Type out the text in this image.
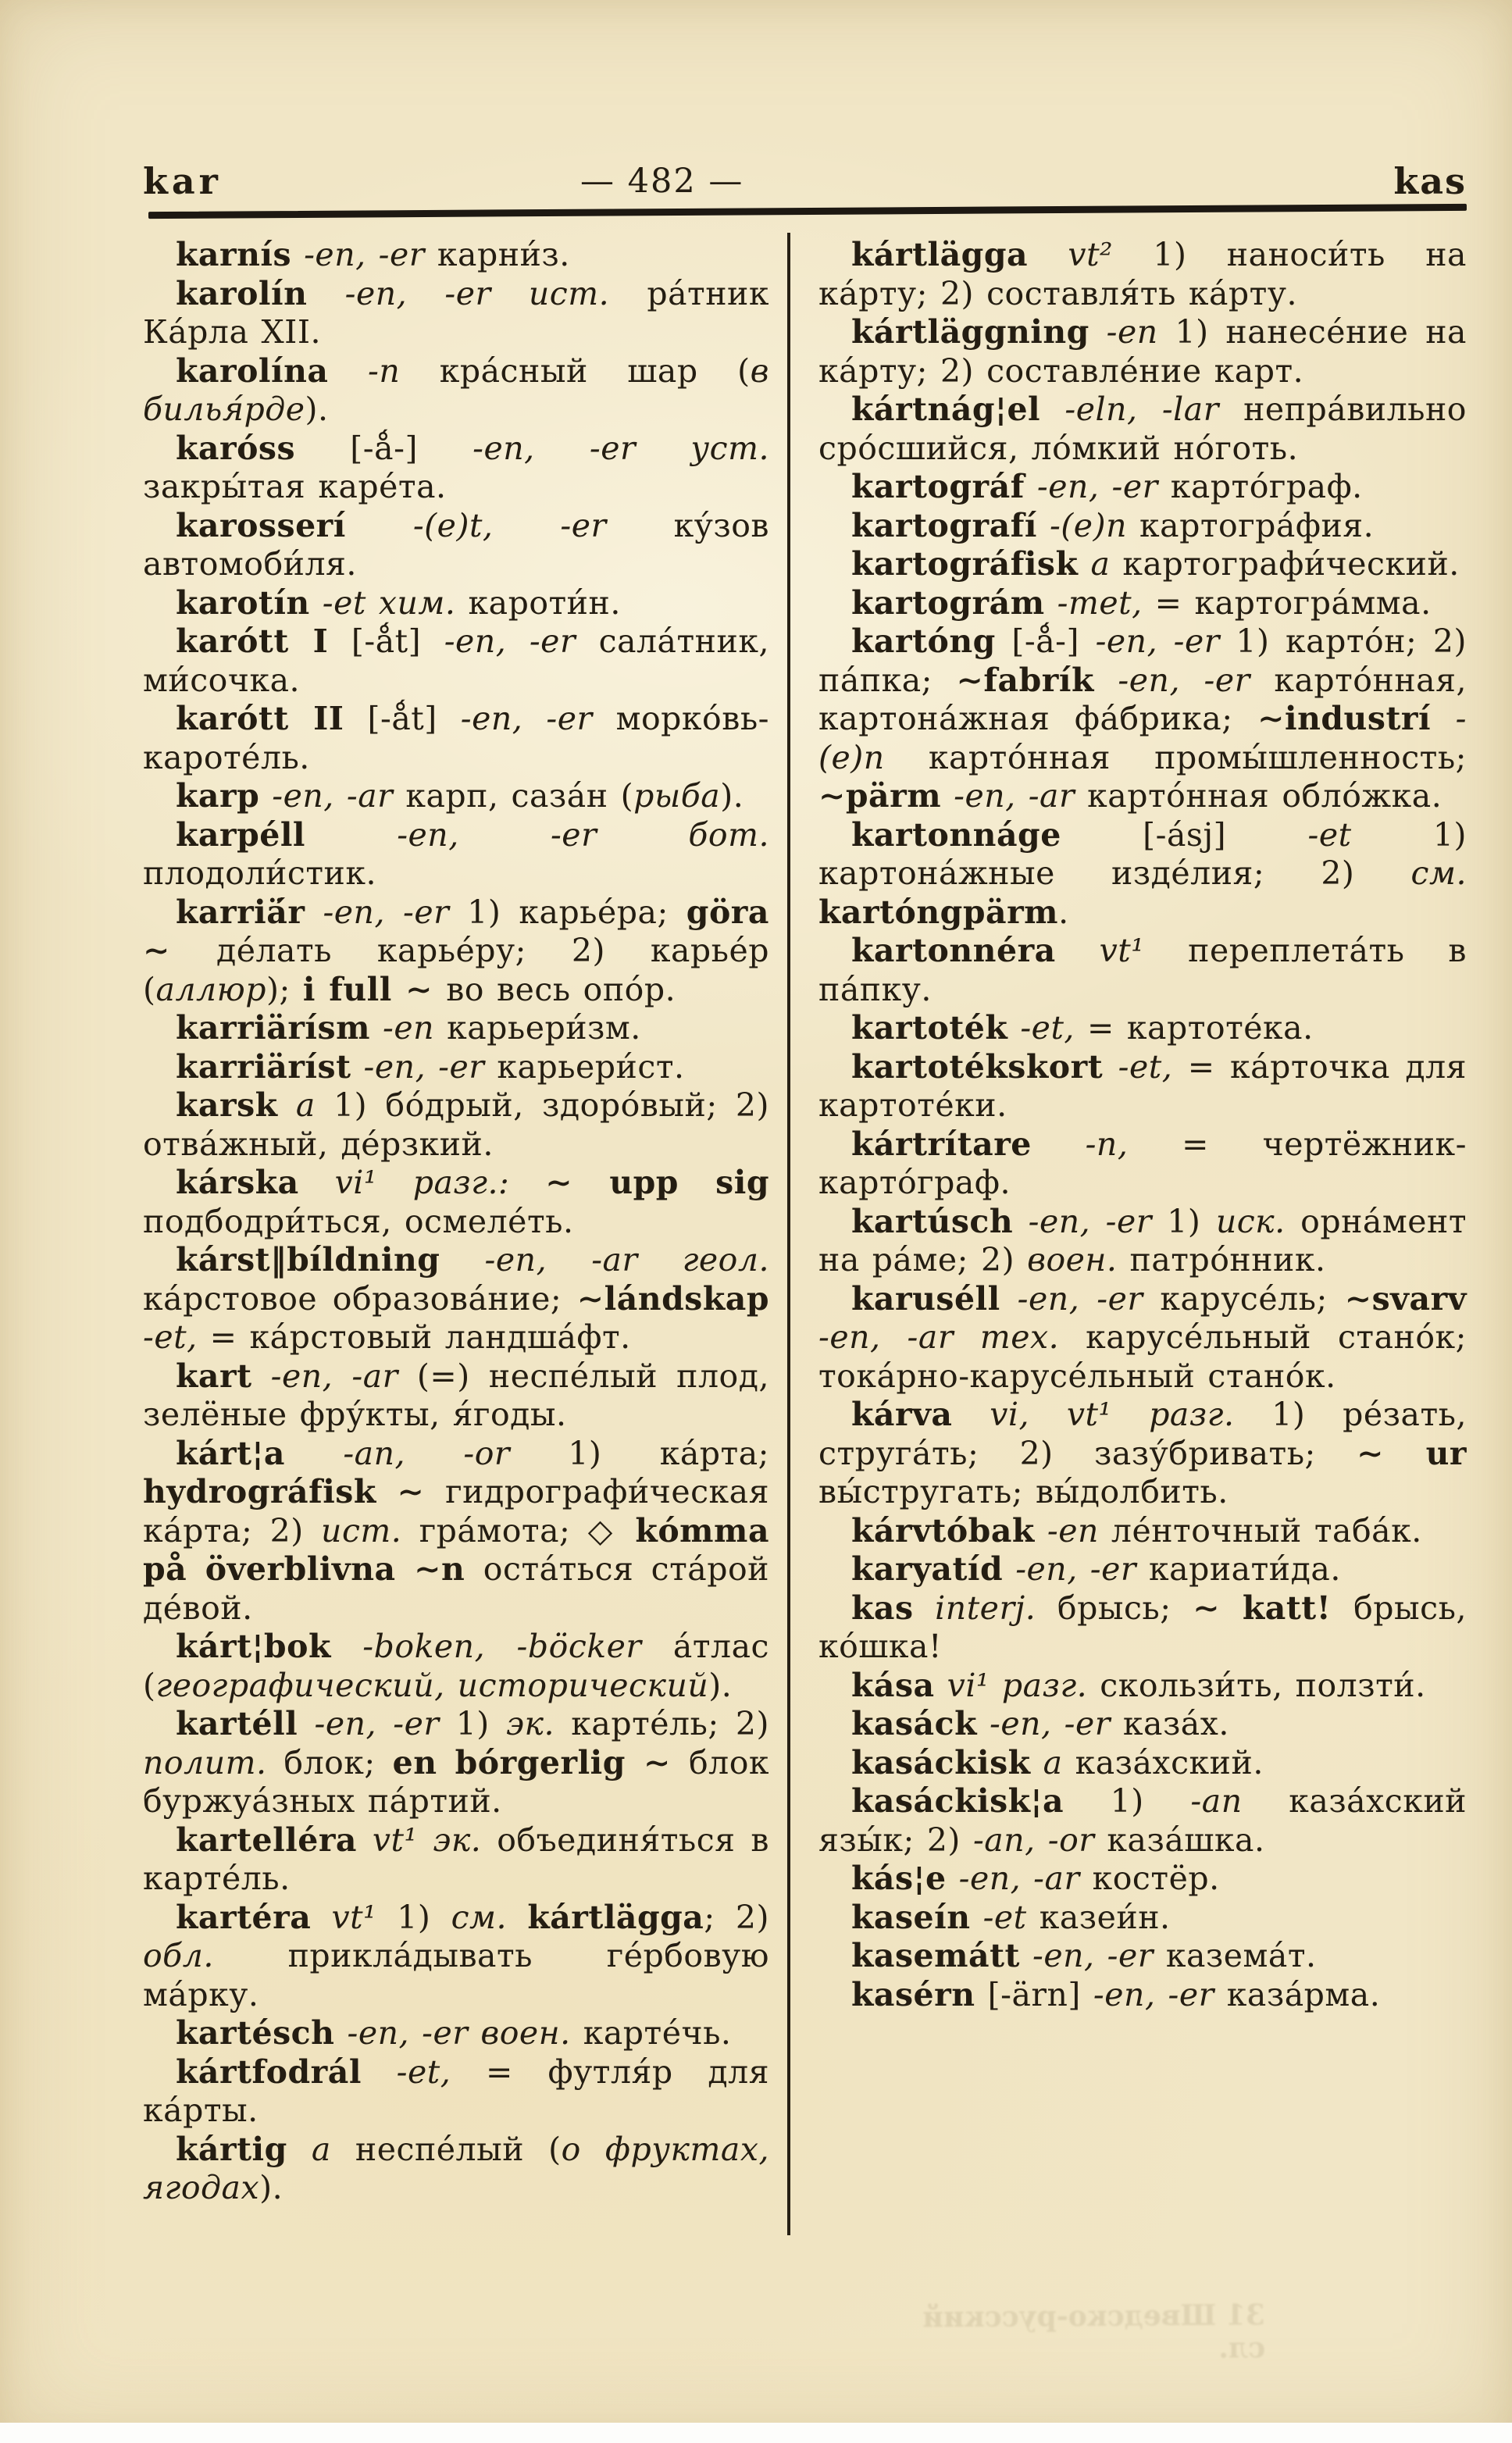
kar	— 482 —	kas

karnís -en, -er карни́з.

karolín -en, -er ист. ра́тник Ка́рла XII.

karolína -n кра́сный шар (в билья́рде).

karóss [-ǻ-] -en, -er уст. закры́тая каре́та.

karosserí -(e)t, -er ку́зов автомоби́ля.

karotín -et хим. кароти́н.

karótt I [-ǻt] -en, -er сала́тник, ми́сочка.

karótt II [-ǻt] -en, -er морко́вь-кароте́ль.

karp -en, -ar карп, саза́н (рыба).

karpéll -en, -er бот. плодоли́стик.

karriä́r -en, -er 1) карье́ра; göra ∼ де́лать карье́ру; 2) карье́р (аллюр); i full ∼ во весь опо́р.

karriärísm -en карьери́зм.

karriäríst -en, -er карьери́ст.

karsk a 1) бо́дрый, здоро́вый; 2) отва́жный, де́рзкий.

kárska vi¹ разг.: ∼ upp sig подбодри́ться, осмеле́ть.

kárst‖bíldning -en, -ar геол. ка́рстовое образова́ние; ∼lándskap -et, = ка́рстовый ландша́фт.

kart -en, -ar (=) неспе́лый плод, зелёные фру́кты, я́годы.

kárt¦a -an, -or 1) ка́рта; hydrográfisk ∼ гидрографи́ческая ка́рта; 2) ист. гра́мота; ◇ kómma på överblivna ∼n оста́ться ста́рой де́вой.

kárt¦bok -boken, -böcker а́тлас (географический, исторический).

kartéll -en, -er 1) эк. карте́ль; 2) полит. блок; en bórgerlig ∼ блок буржуа́зных па́ртий.

kartelléra vt¹ эк. объединя́ться в карте́ль.

kartéra vt¹ 1) см. kártlägga; 2) обл. прикла́дывать ге́рбовую ма́рку.

kartésch -en, -er воен. карте́чь.

kártfodrál -et, = футля́р для ка́рты.

kártig a неспе́лый (о фруктах, ягодах).

kártlägga vt² 1) наноси́ть на ка́рту; 2) составля́ть ка́рту.

kártläggning -en 1) нанесе́ние на ка́рту; 2) составле́ние карт.

kártnág¦el -eln, -lar непра́вильно сро́сшийся, ло́мкий но́готь.

kartográf -en, -er карто́граф.

kartografí -(e)n картогра́фия.

kartográfisk a картографи́ческий.

kartográm -met, = картогра́мма.

kartóng [-ǻ-] -en, -er 1) карто́н; 2) па́пка; ∼fabrík -en, -er карто́нная, картона́жная фа́брика; ∼industrí -(e)n карто́нная промы́шленность; ∼pärm -en, -ar карто́нная обло́жка.

kartonnáge [-ásj] -et 1) картона́жные изде́лия; 2) см. kartóngpärm.

kartonnéra vt¹ переплета́ть в па́пку.

kartoték -et, = картоте́ка.

kartotékskort -et, = ка́рточка для картоте́ки.

kártrítare -n, = чертёжник-карто́граф.

kartúsch -en, -er 1) иск. орна́мент на ра́ме; 2) воен. патро́нник.

karuséll -en, -er карусе́ль; ∼svarv -en, -ar тех. карусе́льный стано́к; тока́рно-карусе́льный стано́к.

kárva vi, vt¹ разг. 1) ре́зать, струга́ть; 2) зазу́бривать; ∼ ur вы́стругать; вы́долбить.

kárvtóbak -en ле́нточный таба́к.

karyatíd -en, -er кариати́да.

kas interj. брысь; ∼ katt! брысь, ко́шка!

kása vi¹ разг. скользи́ть, ползти́.

kasáck -en, -er каза́х.

kasáckisk a каза́хский.

kasáckisk¦a 1) -an каза́хский язы́к; 2) -an, -or каза́шка.

kás¦e -en, -ar костёр.

kaseín -et казеи́н.

kasemátt -en, -er казема́т.

kasérn [-ärn] -en, -er каза́рма.

31 Шведско-русский сл.
